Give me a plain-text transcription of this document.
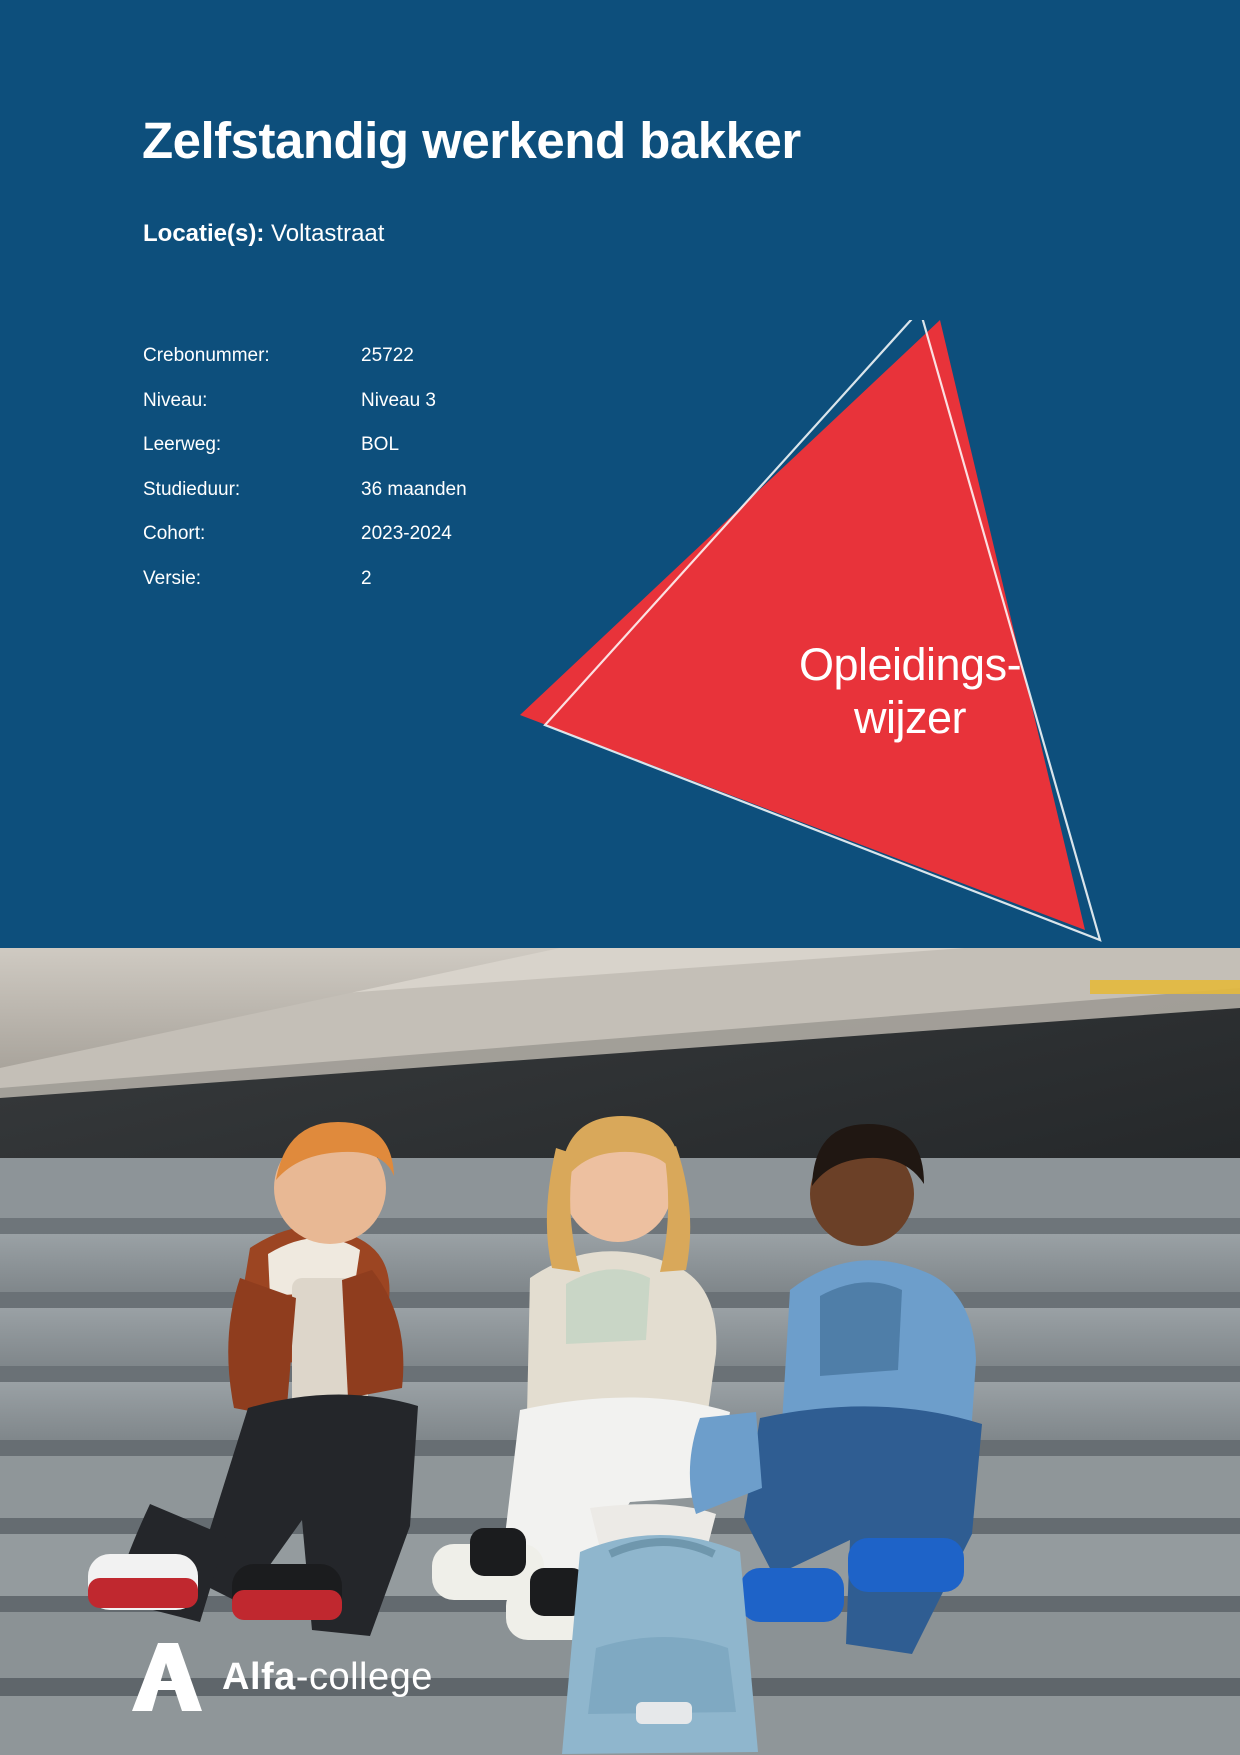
Opleidings-
wijzer
Zelfstandig werkend bakker
Locatie(s): Voltastraat
Crebonummer:	25722
Niveau:	Niveau 3
Leerweg:	BOL
Studieduur:	36 maanden
Cohort:	2023-2024
Versie:	2
Alfa-college
